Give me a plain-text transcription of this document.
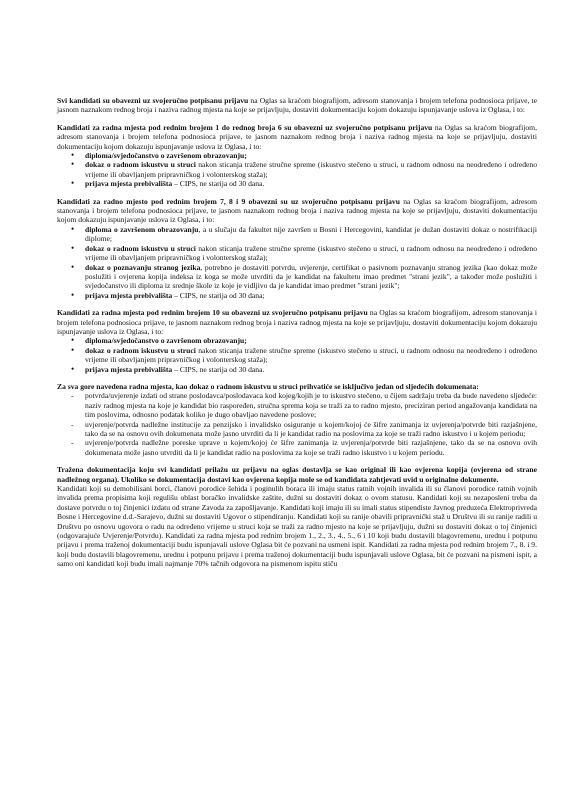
Svi kandidati su obavezni uz svojeručno potpisanu prijavu na Oglas sa kraćom biografijom, adresom stanovanja i brojem telefona podnosioca prijave, te jasnom naznakom rednog broja i naziva radnog mjesta na koje se prijavljuju, dostaviti dokumentaciju kojom dokazuju ispunjavanje uslova iz Oglasa, i to:

Kandidati za radna mjesta pod rednim brojem 1 do rednog broja 6 su obavezni uz svojeručno potpisanu prijavu na Oglas sa kraćom biografijom, adresom stanovanja i brojem telefona podnosioca prijave, te jasnom naznakom rednog broja i naziva radnog mjesta na koje se prijavljuju, dostaviti dokumentaciju kojom dokazuju ispunjavanje uslova iz Oglasa, i to:

• diploma/svjedočanstvo o završenom obrazovanju;
• dokaz o radnom iskustvu u struci nakon sticanja tražene stručne spreme (iskustvo stečeno u struci, u radnom odnosu na neodređeno i određeno vrijeme ili obavljanjem pripravničkog i volonterskog staža);
• prijava mjesta prebivališta – CIPS, ne starija od 30 dana.

Kandidati za radno mjesto pod rednim brojem 7, 8 i 9 obavezni su uz svojeručno potpisanu prijavu na Oglas sa kraćom biografijom, adresom stanovanja i brojem telefona podnosioca prijave, te jasnom naznakom rednog broja i naziva radnog mjesta na koje se prijavljuju, dostaviti dokumentaciju kojom dokazuju ispunjavanje uslova iz Oglasa, i to:

• diploma o završenom obrazovanju, a u slučaju da fakultet nije završen u Bosni i Hercegovini, kandidat je dužan dostaviti dokaz o nostrifikaciji diplome;
• dokaz o radnom iskustvu u struci nakon sticanja tražene stručne spreme (iskustvo stečeno u struci, u radnom odnosu na neodređeno i određeno vrijeme ili obavljanjem pripravničkog i volonterskog staža);
• dokaz o poznavanju stranog jezika, potrebno je dostaviti potvrdu, uvjerenje, certifikat o pasivnom poznavanju stranog jezika (kao dokaz može poslužiti i ovjerena kopija indeksa iz koga se može utvrditi da je kandidat na fakultetu imao predmet "strani jezik", a također može poslužiti i svjedočanstvo ili diploma iz srednje škole iz koje je vidljivo da je kandidat imao predmet "strani jezik";
• prijava mjesta prebivališta – CIPS, ne starija od 30 dana;

Kandidati za radna mjesta pod rednim brojem 10 su obavezni uz svojeručno potpisanu prijavu na Oglas sa kraćom biografijom, adresom stanovanja i brojem telefona podnosioca prijave, te jasnom naznakom rednog broja i naziva radnog mjesta na koje se prijavljuju, dostaviti dokumentaciju kojom dokazuju ispunjavanje uslova iz Oglasa, i to:

• diploma/svjedočanstvo o završenom obrazovanju;
• dokaz o radnom iskustvu u struci nakon sticanja tražene stručne spreme (iskustvo stečeno u struci, u radnom odnosu na neodređeno i određeno vrijeme ili obavljanjem pripravničkog i volonterskog staža);
• prijava mjesta prebivališta – CIPS, ne starija od 30 dana.

Za sva gore navedena radna mjesta, kao dokaz o radnom iskustvu u struci prihvatiće se isključivo jedan od sljedećih dokumenata:

- potvrda/uvjerenje izdati od strane poslodavca/poslodavaca kod kojeg/kojih je to iskustvo stečeno, u čijem sadržaju treba da bude navedeno sljedeće: naziv radnog mjesta na koje je kandidat bio raspoređen, stručna sprema koja se traži za to radno mjesto, preciziran period angažovanja kandidata na tim poslovima, odnosno podatak koliko je dugo obavljao navedene poslove;
- uvjerenje/potvrda nadležne institucije za penzijsko i invalidsko osiguranje u kojem/kojoj će šifre zanimanja iz uvjerenja/potvrde biti razjašnjene, tako da se na osnovu ovih dokumenata može jasno utvrditi da li je kandidat radio na poslovima za koje se traži radno iskustvo i u kojem periodu;
- uvjerenje/potvrda nadležne poreske uprave u kojem/kojoj će šifre zanimanja iz uvjerenja/potvrde biti razjašnjene, tako da se na osnovu ovih dokumenata može jasno utvrditi da li je kandidat radio na poslovima za koje se traži radno iskustvo i u kojem periodu.

Tražena dokumentacija koju svi kandidati prilažu uz prijavu na oglas dostavlja se kao original ili kao ovjerena kopija (ovjerena od strane nadležnog organa). Ukoliko se dokumentacija dostavi kao ovjerena kopija mole se od kandidata zahtjevati uvid u originalne dokumente.

Kandidati koji su demobilisani borci, članovi porodice šehida i poginulih boraca ili imaju status ratnih vojnih invalida ili su članovi porodice ratnih vojnih invalida prema propisima koji regulišu oblast boračko invalidske zaštite, dužni su dostaviti dokaz o ovom statusu. Kandidati koji su nezaposleni treba da dostave potvrdu o toj činjenici izdatu od strane Zavoda za zapošljavanje. Kandidati koji imaju ili su imali status stipendiste Javnog preduzeća Elektroprivreda Bosne i Hercegovine d.d.-Sarajevo, dužni su dostaviti Ugovor o stipendiranju. Kandidati koji su ranije obavili pripravnički staž u Društvu ili su ranije radili u Društvu po osnovu ugovora o radu na određeno vrijeme u struci koja se traži za radno mjesto na koje se prijavljuju, dužni su dostaviti dokaz o toj činjenici (odgovarajuće Uvjerenje/Potvrdu). Kandidati za radna mjesta pod rednim brojem 1., 2., 3., 4., 5., 6 i 10 koji budu dostavili blagovremenu, urednu i potpunu prijavu i prema traženoj dokumentaciji budu ispunjavali uslove Oglasa bit će pozvani na usmeni ispit. Kandidati za radna mjesta pod rednim brojem 7., 8. i 9. koji budu dostavili blagovremenu, urednu i potpunu prijavu i prema traženoj dokumentaciji budu ispunjavali uslove Oglasa, bit će pozvani na pismeni ispit, a samo oni kandidati koji budu imali najmanje 70% tačnih odgovora na pismenom ispitu stiču
